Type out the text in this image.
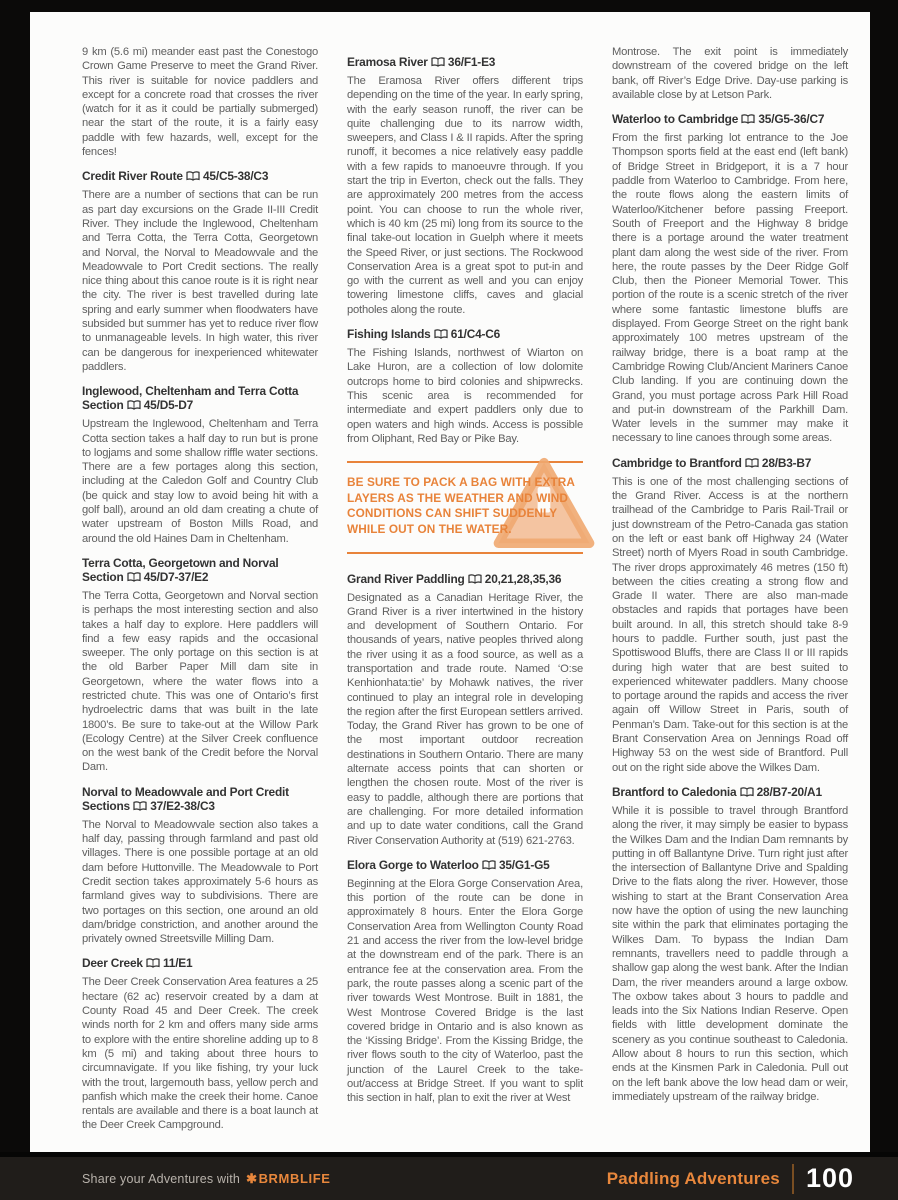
9 km (5.6 mi) meander east past the Conestogo Crown Game Preserve to meet the Grand River. This river is suitable for novice paddlers and except for a concrete road that crosses the river (watch for it as it could be partially submerged) near the start of the route, it is a fairly easy paddle with few hazards, well, except for the fences!

Credit River Route 45/C5-38/C3

There are a number of sections that can be run as part day excursions on the Grade II-III Credit River. They include the Inglewood, Cheltenham and Terra Cotta, the Terra Cotta, Georgetown and Norval, the Norval to Meadowvale and the Meadowvale to Port Credit sections. The really nice thing about this canoe route is it is right near the city. The river is best travelled during late spring and early summer when floodwaters have subsided but summer has yet to reduce river flow to unmanageable levels. In high water, this river can be dangerous for inexperienced whitewater paddlers.

Inglewood, Cheltenham and Terra Cotta Section 45/D5-D7

Upstream the Inglewood, Cheltenham and Terra Cotta section takes a half day to run but is prone to logjams and some shallow riffle water sections. There are a few portages along this section, including at the Caledon Golf and Country Club (be quick and stay low to avoid being hit with a golf ball), around an old dam creating a chute of water upstream of Boston Mills Road, and around the old Haines Dam in Cheltenham.

Terra Cotta, Georgetown and Norval Section 45/D7-37/E2

The Terra Cotta, Georgetown and Norval section is perhaps the most interesting section and also takes a half day to explore. Here paddlers will find a few easy rapids and the occasional sweeper. The only portage on this section is at the old Barber Paper Mill dam site in Georgetown, where the water flows into a restricted chute. This was one of Ontario’s first hydroelectric dams that was built in the late 1800’s. Be sure to take-out at the Willow Park (Ecology Centre) at the Silver Creek confluence on the west bank of the Credit before the Norval Dam.

Norval to Meadowvale and Port Credit Sections 37/E2-38/C3

The Norval to Meadowvale section also takes a half day, passing through farmland and past old villages. There is one possible portage at an old dam before Huttonville. The Meadowvale to Port Credit section takes approximately 5-6 hours as farmland gives way to subdivisions. There are two portages on this section, one around an old dam/bridge constriction, and another around the privately owned Streetsville Milling Dam.

Deer Creek 11/E1

The Deer Creek Conservation Area features a 25 hectare (62 ac) reservoir created by a dam at County Road 45 and Deer Creek. The creek winds north for 2 km and offers many side arms to explore with the entire shoreline adding up to 8 km (5 mi) and taking about three hours to circumnavigate. If you like fishing, try your luck with the trout, largemouth bass, yellow perch and panfish which make the creek their home. Canoe rentals are available and there is a boat launch at the Deer Creek Campground.

Eramosa River 36/F1-E3

The Eramosa River offers different trips depending on the time of the year. In early spring, with the early season runoff, the river can be quite challenging due to its narrow width, sweepers, and Class I & II rapids. After the spring runoff, it becomes a nice relatively easy paddle with a few rapids to manoeuvre through. If you start the trip in Everton, check out the falls. They are approximately 200 metres from the access point. You can choose to run the whole river, which is 40 km (25 mi) long from its source to the final take-out location in Guelph where it meets the Speed River, or just sections. The Rockwood Conservation Area is a great spot to put-in and go with the current as well and you can enjoy towering limestone cliffs, caves and glacial potholes along the route.

Fishing Islands 61/C4-C6

The Fishing Islands, northwest of Wiarton on Lake Huron, are a collection of low dolomite outcrops home to bird colonies and shipwrecks. This scenic area is recommended for intermediate and expert paddlers only due to open waters and high winds. Access is possible from Oliphant, Red Bay or Pike Bay.

BE SURE TO PACK A BAG WITH EXTRA LAYERS AS THE WEATHER AND WIND CONDITIONS CAN SHIFT SUDDENLY WHILE OUT ON THE WATER.

Grand River Paddling 20,21,28,35,36

Designated as a Canadian Heritage River, the Grand River is a river intertwined in the history and development of Southern Ontario. For thousands of years, native peoples thrived along the river using it as a food source, as well as a transportation and trade route. Named ‘O:se Kenhionhata:tie’ by Mohawk natives, the river continued to play an integral role in developing the region after the first European settlers arrived. Today, the Grand River has grown to be one of the most important outdoor recreation destinations in Southern Ontario. There are many alternate access points that can shorten or lengthen the chosen route. Most of the river is easy to paddle, although there are portions that are challenging. For more detailed information and up to date water conditions, call the Grand River Conservation Authority at (519) 621-2763.

Elora Gorge to Waterloo 35/G1-G5

Beginning at the Elora Gorge Conservation Area, this portion of the route can be done in approximately 8 hours. Enter the Elora Gorge Conservation Area from Wellington County Road 21 and access the river from the low-level bridge at the downstream end of the park. There is an entrance fee at the conservation area. From the park, the route passes along a scenic part of the river towards West Montrose. Built in 1881, the West Montrose Covered Bridge is the last covered bridge in Ontario and is also known as the ‘Kissing Bridge’. From the Kissing Bridge, the river flows south to the city of Waterloo, past the junction of the Laurel Creek to the take-out/access at Bridge Street. If you want to split this section in half, plan to exit the river at West

Montrose. The exit point is immediately downstream of the covered bridge on the left bank, off River’s Edge Drive. Day-use parking is available close by at Letson Park.

Waterloo to Cambridge 35/G5-36/C7

From the first parking lot entrance to the Joe Thompson sports field at the east end (left bank) of Bridge Street in Bridgeport, it is a 7 hour paddle from Waterloo to Cambridge. From here, the route flows along the eastern limits of Waterloo/Kitchener before passing Freeport. South of Freeport and the Highway 8 bridge there is a portage around the water treatment plant dam along the west side of the river. From here, the route passes by the Deer Ridge Golf Club, then the Pioneer Memorial Tower. This portion of the route is a scenic stretch of the river where some fantastic limestone bluffs are displayed. From George Street on the right bank approximately 100 metres upstream of the railway bridge, there is a boat ramp at the Cambridge Rowing Club/Ancient Mariners Canoe Club landing. If you are continuing down the Grand, you must portage across Park Hill Road and put-in downstream of the Parkhill Dam. Water levels in the summer may make it necessary to line canoes through some areas.

Cambridge to Brantford 28/B3-B7

This is one of the most challenging sections of the Grand River. Access is at the northern trailhead of the Cambridge to Paris Rail-Trail or just downstream of the Petro-Canada gas station on the left or east bank off Highway 24 (Water Street) north of Myers Road in south Cambridge. The river drops approximately 46 metres (150 ft) between the cities creating a strong flow and Grade II water. There are also man-made obstacles and rapids that portages have been built around. In all, this stretch should take 8-9 hours to paddle. Further south, just past the Spottiswood Bluffs, there are Class II or III rapids during high water that are best suited to experienced whitewater paddlers. Many choose to portage around the rapids and access the river again off Willow Street in Paris, south of Penman’s Dam. Take-out for this section is at the Brant Conservation Area on Jennings Road off Highway 53 on the west side of Brantford. Pull out on the right side above the Wilkes Dam.

Brantford to Caledonia 28/B7-20/A1

While it is possible to travel through Brantford along the river, it may simply be easier to bypass the Wilkes Dam and the Indian Dam remnants by putting in off Ballantyne Drive. Turn right just after the intersection of Ballantyne Drive and Spalding Drive to the flats along the river. However, those wishing to start at the Brant Conservation Area now have the option of using the new launching site within the park that eliminates portaging the Wilkes Dam. To bypass the Indian Dam remnants, travellers need to paddle through a shallow gap along the west bank. After the Indian Dam, the river meanders around a large oxbow. The oxbow takes about 3 hours to paddle and leads into the Six Nations Indian Reserve. Open fields with little development dominate the scenery as you continue southeast to Caledonia. Allow about 8 hours to run this section, which ends at the Kinsmen Park in Caledonia. Pull out on the left bank above the low head dam or weir, immediately upstream of the railway bridge.

Share your Adventures with ✱BRMBLIFE	Paddling Adventures 100
